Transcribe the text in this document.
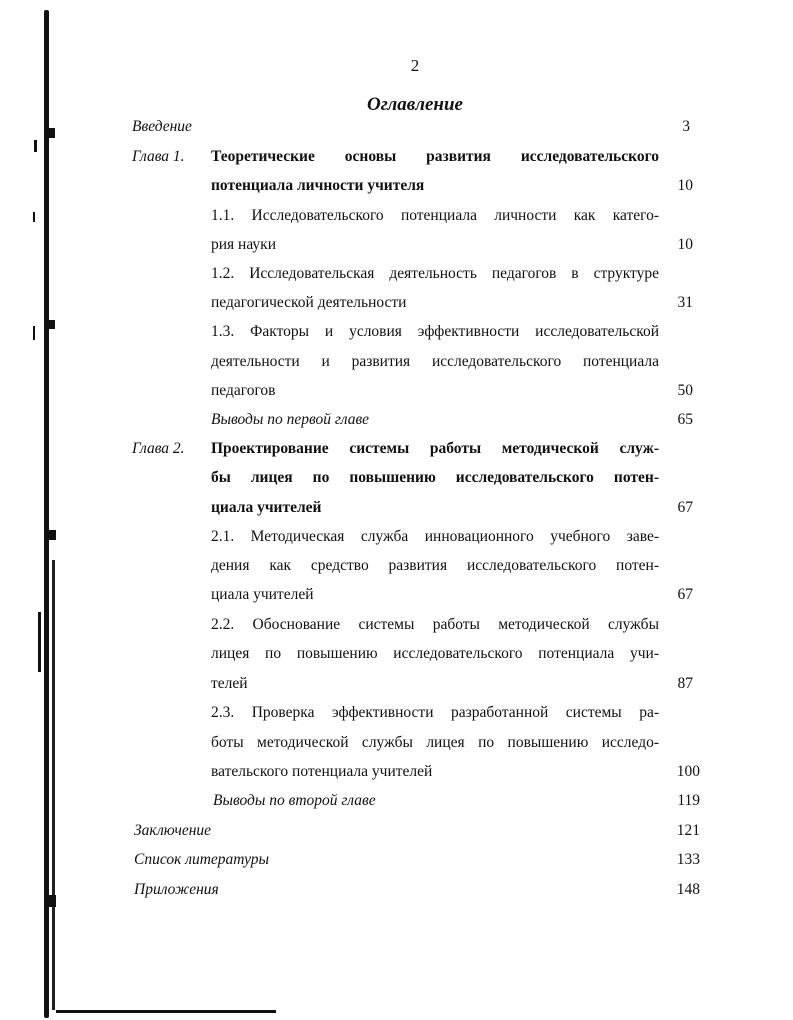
2
Оглавление
Введение	3
Глава 1. Теоретические основы развития исследовательского
потенциала личности учителя	10
1.1. Исследовательского потенциала личности как катего-
рия науки	10
1.2. Исследовательская деятельность педагогов в структуре
педагогической деятельности	31
1.3. Факторы и условия эффективности исследовательской
деятельности и развития исследовательского потенциала
педагогов	50
Выводы по первой главе	65
Глава 2. Проектирование системы работы методической служ-
бы лицея по повышению исследовательского потен-
циала учителей	67
2.1. Методическая служба инновационного учебного заве-
дения как средство развития исследовательского потен-
циала учителей	67
2.2. Обоснование системы работы методической службы
лицея по повышению исследовательского потенциала учи-
телей	87
2.3. Проверка эффективности разработанной системы ра-
боты методической службы лицея по повышению исследо-
вательского потенциала учителей	100
Выводы по второй главе	119
Заключение	121
Список литературы	133
Приложения	148
